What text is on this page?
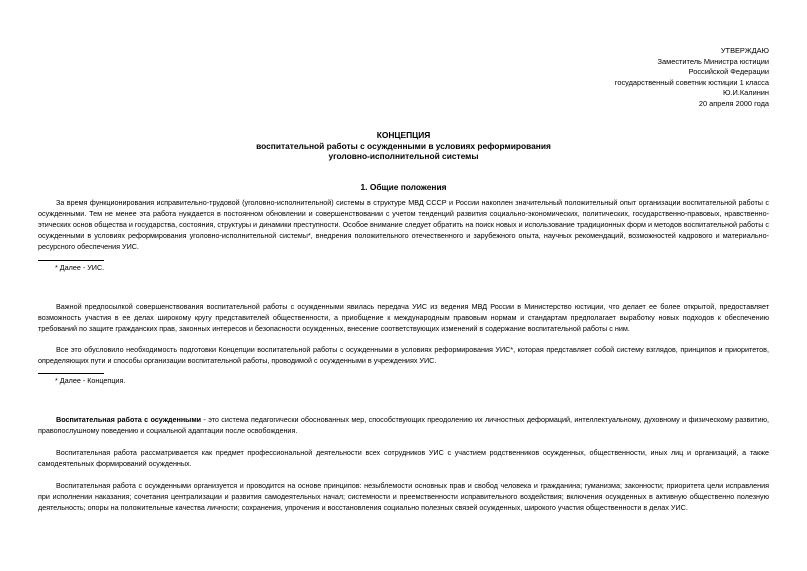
УТВЕРЖДАЮ
Заместитель Министра юстиции
Российской Федерации
государственный советник юстиции 1 класса
Ю.И.Калинин
20 апреля 2000 года
КОНЦЕПЦИЯ
воспитательной работы с осужденными в условиях реформирования
уголовно-исполнительной системы
1. Общие положения
За время функционирования исправительно-трудовой (уголовно-исполнительной) системы в структуре МВД СССР и России накоплен значительный положительный опыт организации воспитательной работы с осужденными. Тем не менее эта работа нуждается в постоянном обновлении и совершенствовании с учетом тенденций развития социально-экономических, политических, государственно-правовых, нравственно-этических основ общества и государства, состояния, структуры и динамики преступности. Особое внимание следует обратить на поиск новых и использование традиционных форм и методов воспитательной работы с осужденными в условиях реформирования уголовно-исполнительной системы*, внедрения положительного отечественного и зарубежного опыта, научных рекомендаций, возможностей кадрового и материально-ресурсного обеспечения УИС.
* Далее - УИС.
Важной предпосылкой совершенствования воспитательной работы с осужденными явилась передача УИС из ведения МВД России в Министерство юстиции, что делает ее более открытой, предоставляет возможность участия в ее делах широкому кругу представителей общественности, а приобщение к международным правовым нормам и стандартам предполагает выработку новых подходов к обеспечению требований по защите гражданских прав, законных интересов и безопасности осужденных, внесение соответствующих изменений в содержание воспитательной работы с ним.
Все это обусловило необходимость подготовки Концепции воспитательной работы с осужденными в условиях реформирования УИС*, которая представляет собой систему взглядов, принципов и приоритетов, определяющих пути и способы организации воспитательной работы, проводимой с осужденными в учреждениях УИС.
* Далее - Концепция.
Воспитательная работа с осужденными - это система педагогически обоснованных мер, способствующих преодолению их личностных деформаций, интеллектуальному, духовному и физическому развитию, правопослушному поведению и социальной адаптации после освобождения.
Воспитательная работа рассматривается как предмет профессиональной деятельности всех сотрудников УИС с участием родственников осужденных, общественности, иных лиц и организаций, а также самодеятельных формирований осужденных.
Воспитательная работа с осужденными организуется и проводится на основе принципов: незыблемости основных прав и свобод человека и гражданина; гуманизма; законности; приоритета цели исправления при исполнении наказания; сочетания централизации и развития самодеятельных начал; системности и преемственности исправительного воздействия; включения осужденных в активную общественно полезную деятельность; опоры на положительные качества личности; сохранения, упрочения и восстановления социально полезных связей осужденных, широкого участия общественности в делах УИС.
